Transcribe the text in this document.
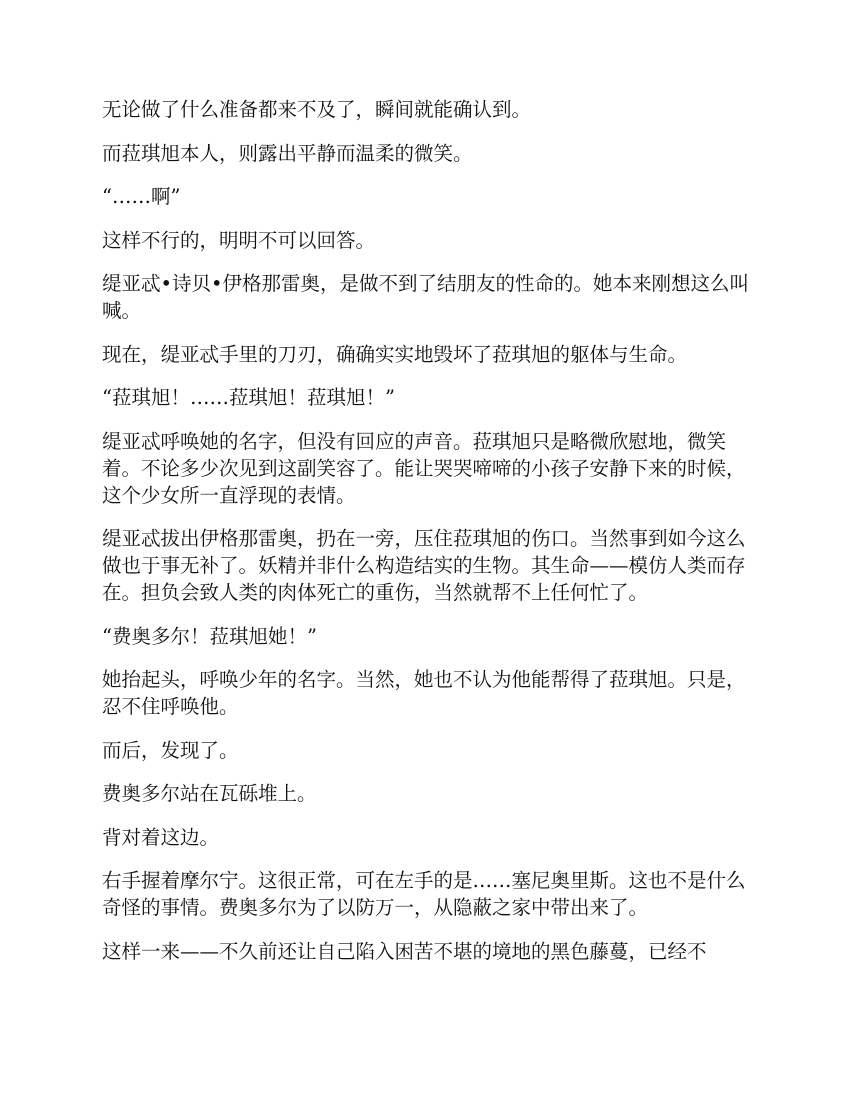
无论做了什么准备都来不及了，瞬间就能确认到。

而菈琪旭本人，则露出平静而温柔的微笑。

“……啊”

这样不行的，明明不可以回答。

缇亚忒•诗贝•伊格那雷奥，是做不到了结朋友的性命的。她本来刚想这么叫喊。

现在，缇亚忒手里的刀刃，确确实实地毁坏了菈琪旭的躯体与生命。

“菈琪旭！……菈琪旭！菈琪旭！”

缇亚忒呼唤她的名字，但没有回应的声音。菈琪旭只是略微欣慰地，微笑着。不论多少次见到这副笑容了。能让哭哭啼啼的小孩子安静下来的时候，这个少女所一直浮现的表情。

缇亚忒拔出伊格那雷奥，扔在一旁，压住菈琪旭的伤口。当然事到如今这么做也于事无补了。妖精并非什么构造结实的生物。其生命——模仿人类而存在。担负会致人类的肉体死亡的重伤，当然就帮不上任何忙了。

“费奥多尔！菈琪旭她！”

她抬起头，呼唤少年的名字。当然，她也不认为他能帮得了菈琪旭。只是，忍不住呼唤他。

而后，发现了。

费奥多尔站在瓦砾堆上。

背对着这边。

右手握着摩尔宁。这很正常，可在左手的是……塞尼奥里斯。这也不是什么奇怪的事情。费奥多尔为了以防万一，从隐蔽之家中带出来了。

这样一来——不久前还让自己陷入困苦不堪的境地的黑色藤蔓，已经不
